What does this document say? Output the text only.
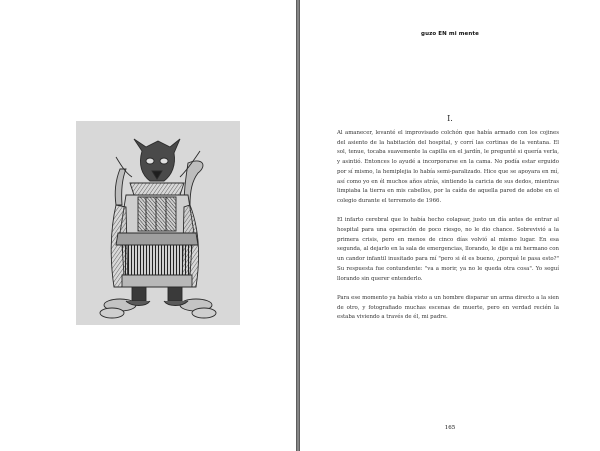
guzo EN mi mente
I.

Al amanecer, levanté el improvisado colchón que había armado con los cojines del asiento de la habitación del hospital, y corrí las cortinas de la ventana. El sol, tenue, tocaba suavemente la capilla en el jardín, le pregunté si quería verla, y asintió. Entonces lo ayudé a incorporarse en la cama. No podía estar erguido por sí mismo, la hemiplejia lo había semi-paralizado. Hice que se apoyara en mí, así como yo en él muchos años atrás, sintiendo la caricia de sus dedos, mientras limpiaba la tierra en mis cabellos, por la caída de aquella pared de adobe en el colegio durante el terremoto de 1966.

El infarto cerebral que lo había hecho colapsar, justo un día antes de entrar al hospital para una operación de poco riesgo, no le dio chance. Sobrevivió a la primera crisis, pero en menos de cinco días volvió al mismo lugar. En esa segunda, al dejarlo en la sala de emergencias, llorando, le dije a mi hermano con un candor infantil inusitado para mí "pero si él es bueno, ¿porqué le pasa esto?" Su respuesta fue contundente: "va a morir, ya no le queda otra cosa". Yo seguí llorando sin querer entenderlo.

Para ese momento ya había visto a un hombre disparar un arma directo a la sien de otro, y fotografiado muchas escenas de muerte, pero en verdad recién la estaba viviendo a través de él, mi padre.

165
